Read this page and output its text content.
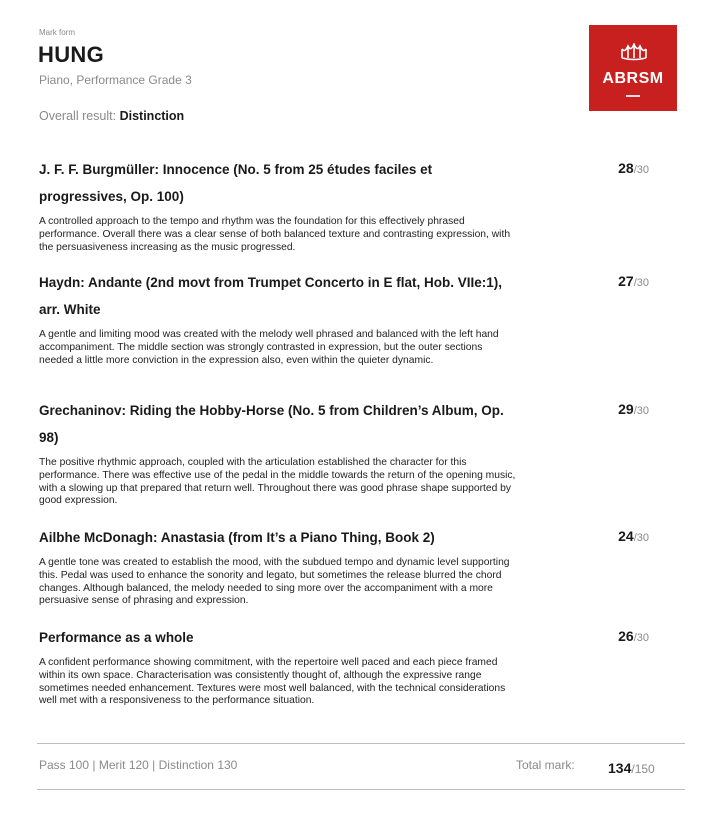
Mark form
HUNG
Piano, Performance Grade 3
Overall result: Distinction
ABRSM
J. F. F. Burgmüller: Innocence (No. 5 from 25 études faciles et progressives, Op. 100)
A controlled approach to the tempo and rhythm was the foundation for this effectively phrased performance. Overall there was a clear sense of both balanced texture and contrasting expression, with the persuasiveness increasing as the music progressed.
28/30
Haydn: Andante (2nd movt from Trumpet Concerto in E flat, Hob. VIIe:1), arr. White
A gentle and limiting mood was created with the melody well phrased and balanced with the left hand accompaniment. The middle section was strongly contrasted in expression, but the outer sections needed a little more conviction in the expression also, even within the quieter dynamic.
27/30
Grechaninov: Riding the Hobby-Horse (No. 5 from Children’s Album, Op. 98)
The positive rhythmic approach, coupled with the articulation established the character for this performance. There was effective use of the pedal in the middle towards the return of the opening music, with a slowing up that prepared that return well. Throughout there was good phrase shape supported by good expression.
29/30
Ailbhe McDonagh: Anastasia (from It’s a Piano Thing, Book 2)
A gentle tone was created to establish the mood, with the subdued tempo and dynamic level supporting this. Pedal was used to enhance the sonority and legato, but sometimes the release blurred the chord changes. Although balanced, the melody needed to sing more over the accompaniment with a more persuasive sense of phrasing and expression.
24/30
Performance as a whole
A confident performance showing commitment, with the repertoire well paced and each piece framed within its own space. Characterisation was consistently thought of, although the expressive range sometimes needed enhancement. Textures were most well balanced, with the technical considerations well met with a responsiveness to the performance situation.
26/30
Pass 100 | Merit 120 | Distinction 130	Total mark: 134/150
